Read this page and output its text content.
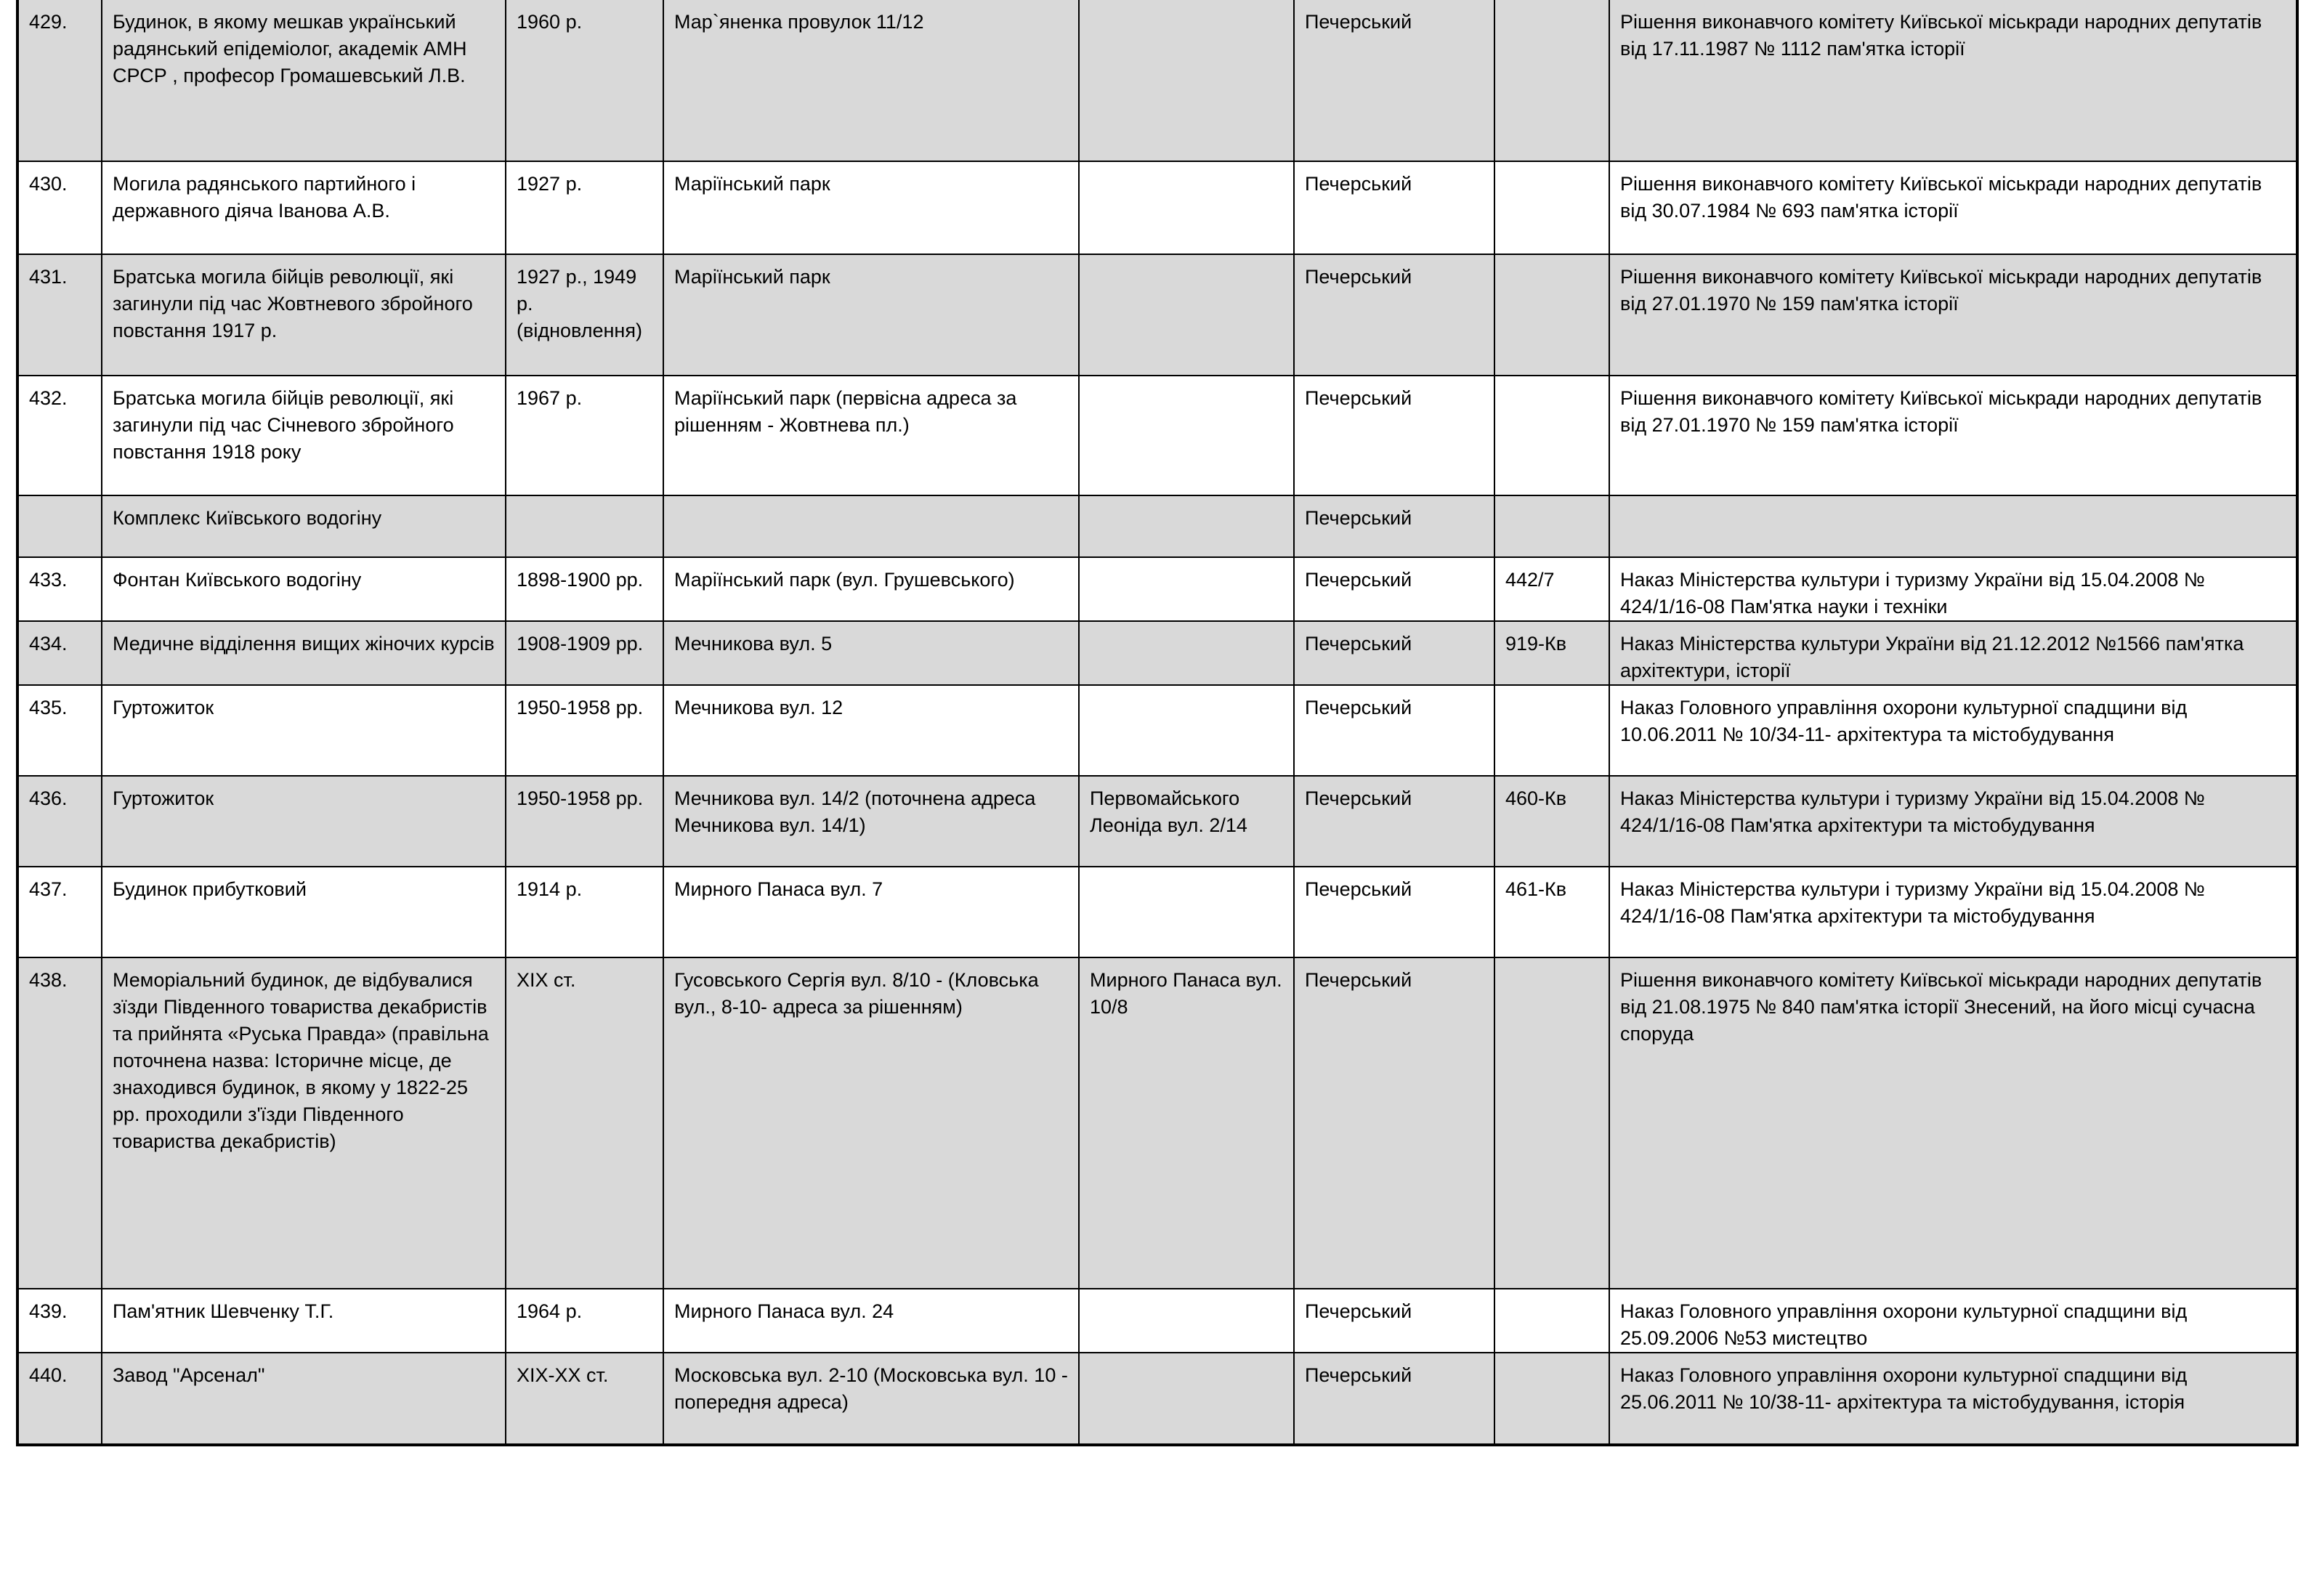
429.	Будинок, в якому мешкав український радянський епідеміолог, академік АМН СРСР , професор Громашевський Л.В.	1960 р.	Мар`яненка провулок 11/12		Печерський		Рішення виконавчого комітету Київської міськради народних депутатів від 17.11.1987 № 1112 пам'ятка історії
430.	Могила радянського партийного і державного діяча Іванова А.В.	1927 р.	Маріїнський парк		Печерський		Рішення виконавчого комітету Київської міськради народних депутатів від 30.07.1984 № 693 пам'ятка історії
431.	Братська могила бійців революції, які загинули під час Жовтневого збройного повстання 1917 р.	1927 р., 1949 р. (відновлення)	Маріїнський парк		Печерський		Рішення виконавчого комітету Київської міськради народних депутатів від 27.01.1970 № 159 пам'ятка історії
432.	Братська могила бійців революції, які загинули під час Січневого збройного повстання 1918 року	1967 р.	Маріїнський парк (первісна адреса за рішенням - Жовтнева пл.)		Печерський		Рішення виконавчого комітету Київської міськради народних депутатів від 27.01.1970 № 159 пам'ятка історії
	Комплекс Київського водогіну				Печерський		
433.	Фонтан Київського водогіну	1898-1900 рр.	Маріїнський парк (вул. Грушевського)		Печерський	442/7	Наказ Міністерства культури і туризму України від 15.04.2008 № 424/1/16-08 Пам'ятка науки і техніки
434.	Медичне відділення вищих жіночих курсів	1908-1909 рр.	Мечникова вул. 5		Печерський	919-Кв	Наказ Міністерства культури України від 21.12.2012 №1566 пам'ятка архітектури, історії
435.	Гуртожиток	1950-1958 рр.	Мечникова вул. 12		Печерський		Наказ Головного управління охорони культурної спадщини від 10.06.2011 № 10/34-11- архітектура та містобудування
436.	Гуртожиток	1950-1958 рр.	Мечникова вул. 14/2 (поточнена адреса Мечникова вул. 14/1)	Первомайського Леоніда вул. 2/14	Печерський	460-Кв	Наказ Міністерства культури і туризму України від 15.04.2008 № 424/1/16-08 Пам'ятка архітектури та містобудування
437.	Будинок прибутковий	1914 р.	Мирного Панаса вул. 7		Печерський	461-Кв	Наказ Міністерства культури і туризму України від 15.04.2008 № 424/1/16-08 Пам'ятка архітектури та містобудування
438.	Меморіальний будинок, де відбувалися зїзди Південного товариства декабристів та прийнята «Руська Правда» (правільна поточнена назва: Історичне місце, де знаходився будинок, в якому у 1822-25 рр. проходили з'їзди Південного товариства декабристів)	XIX ст.	Гусовського Сергія вул. 8/10 - (Кловська вул., 8-10- адреса за рішенням)	Мирного Панаса вул. 10/8	Печерський		Рішення виконавчого комітету Київської міськради народних депутатів від 21.08.1975 № 840 пам'ятка історії Знесений, на його місці сучасна споруда
439.	Пам'ятник Шевченку Т.Г.	1964 р.	Мирного Панаса вул. 24		Печерський		Наказ Головного управління охорони культурної спадщини від 25.09.2006 №53 мистецтво
440.	Завод "Арсенал"	XIX-XX ст.	Московська вул. 2-10 (Московська вул. 10 - попередня адреса)		Печерський		Наказ Головного управління охорони культурної спадщини від 25.06.2011 № 10/38-11- архітектура та містобудування, історія
